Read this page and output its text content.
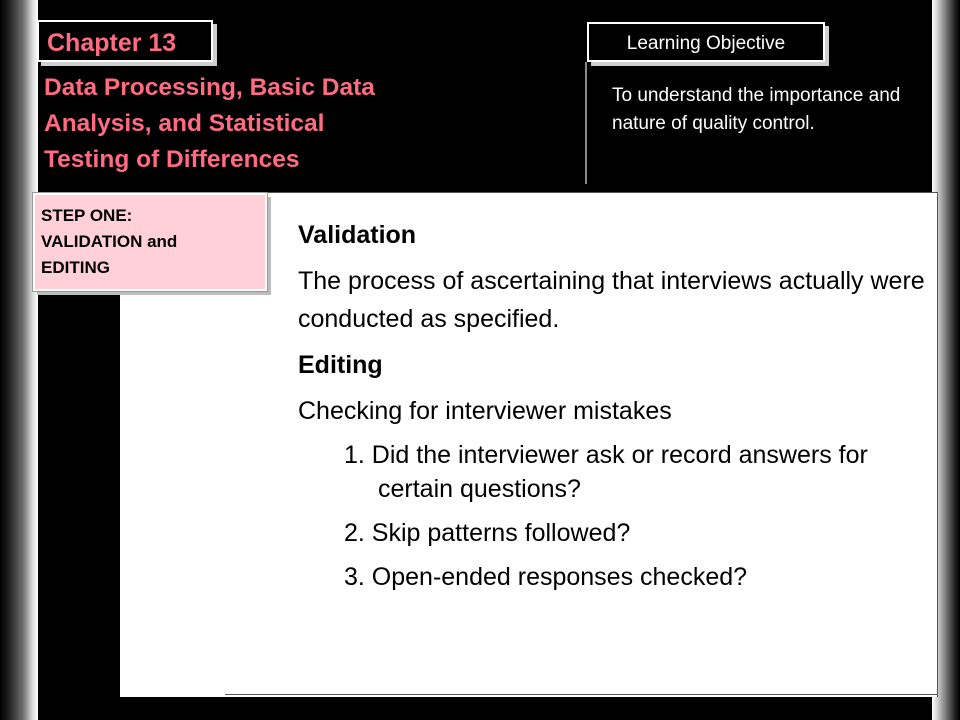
Chapter 13	Learning Objective
Data Processing, Basic Data
Analysis, and Statistical
Testing of Differences
To understand the importance and nature of quality control.
STEP ONE:
VALIDATION and
EDITING
Validation
The process of ascertaining that interviews actually were conducted as specified.
Editing
Checking for interviewer mistakes
1. Did the interviewer ask or record answers for certain questions?
2. Skip patterns followed?
3. Open-ended responses checked?
